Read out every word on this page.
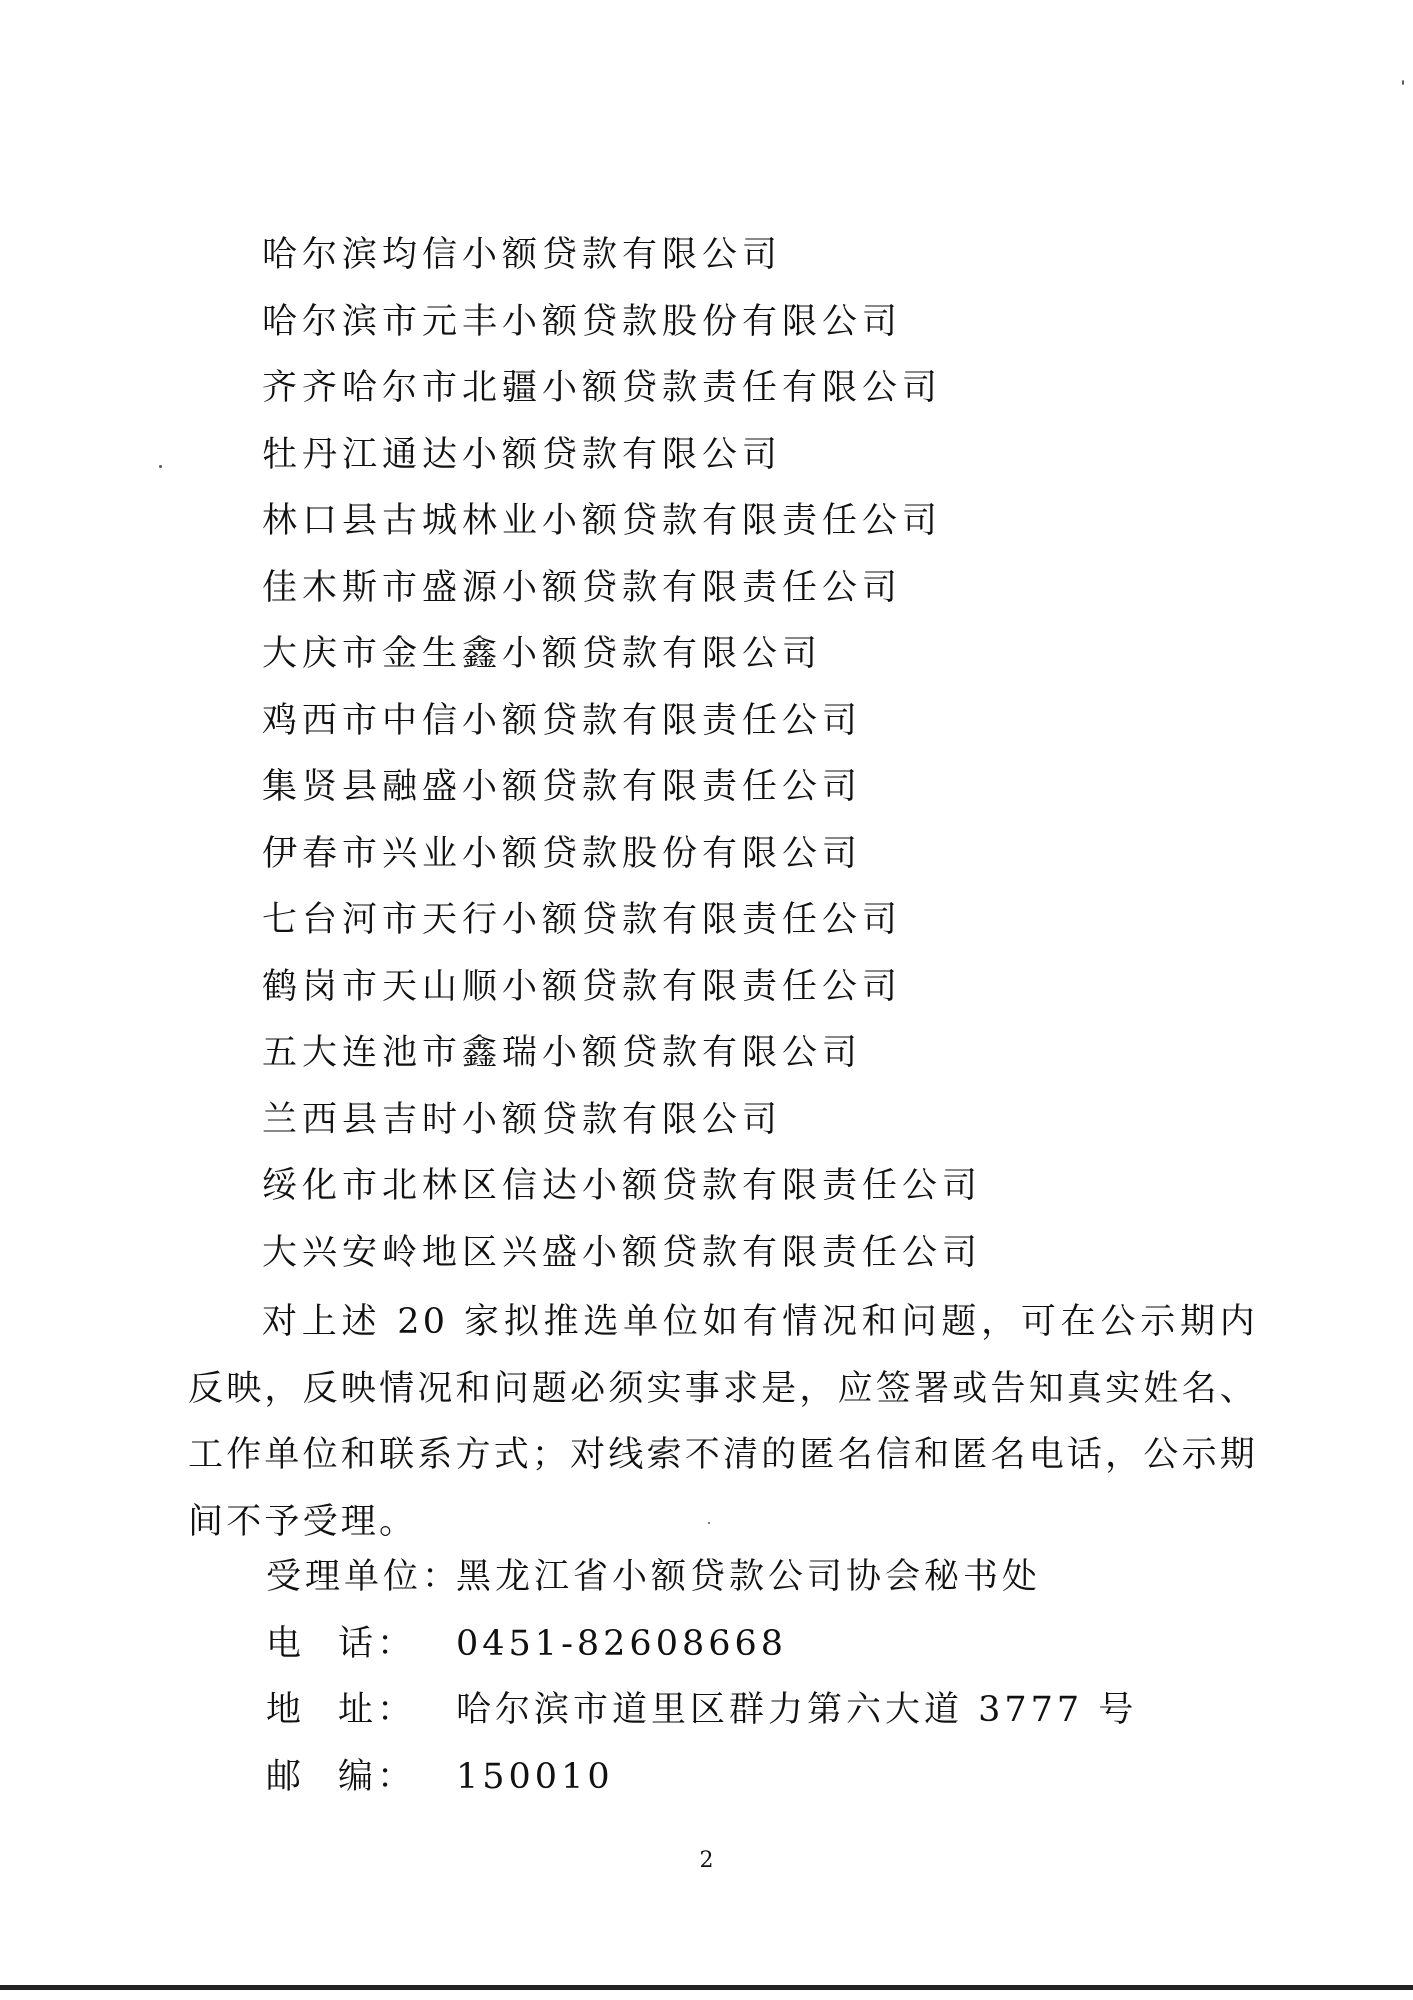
哈尔滨均信小额贷款有限公司
哈尔滨市元丰小额贷款股份有限公司
齐齐哈尔市北疆小额贷款责任有限公司
牡丹江通达小额贷款有限公司
林口县古城林业小额贷款有限责任公司
佳木斯市盛源小额贷款有限责任公司
大庆市金生鑫小额贷款有限公司
鸡西市中信小额贷款有限责任公司
集贤县融盛小额贷款有限责任公司
伊春市兴业小额贷款股份有限公司
七台河市天行小额贷款有限责任公司
鹤岗市天山顺小额贷款有限责任公司
五大连池市鑫瑞小额贷款有限公司
兰西县吉时小额贷款有限公司
绥化市北林区信达小额贷款有限责任公司
大兴安岭地区兴盛小额贷款有限责任公司

对上述 20 家拟推选单位如有情况和问题，可在公示期内反映，反映情况和问题必须实事求是，应签署或告知真实姓名、工作单位和联系方式；对线索不清的匿名信和匿名电话，公示期间不予受理。

受理单位：
黑龙江省小额贷款公司协会秘书处
电 话： 0451-82608668
地 址： 哈尔滨市道里区群力第六大道 3777 号
邮 编： 150010
2
